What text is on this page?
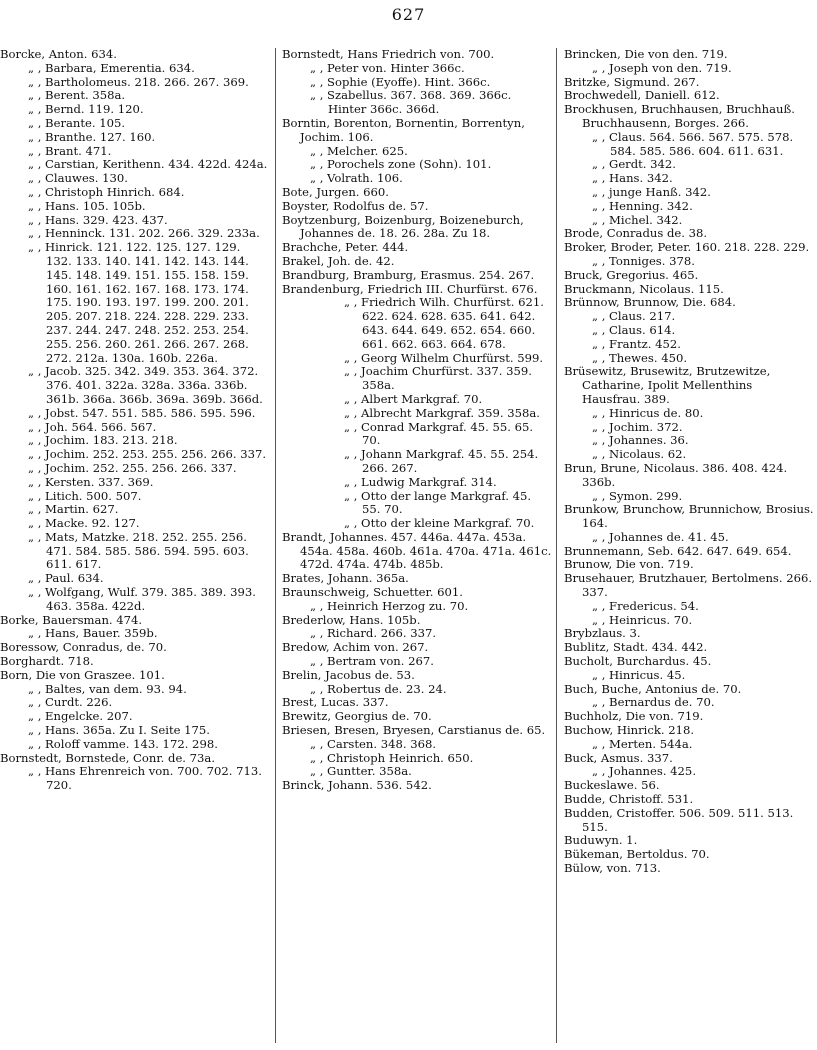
627

Borcke, Anton. 634.

„ , Barbara, Emerentia. 634.

„ , Bartholomeus. 218. 266. 267. 369.

„ , Berent. 358a.

„ , Bernd. 119. 120.

„ , Berante. 105.

„ , Branthe. 127. 160.

„ , Brant. 471.

„ , Carstian, Kerithenn. 434. 422d. 424a.

„ , Clauwes. 130.

„ , Christoph Hinrich. 684.

„ , Hans. 105. 105b.

„ , Hans. 329. 423. 437.

„ , Henninck. 131. 202. 266. 329. 233a.

„ , Hinrick. 121. 122. 125. 127. 129. 132. 133. 140. 141. 142. 143. 144. 145. 148. 149. 151. 155. 158. 159. 160. 161. 162. 167. 168. 173. 174. 175. 190. 193. 197. 199. 200. 201. 205. 207. 218. 224. 228. 229. 233. 237. 244. 247. 248. 252. 253. 254. 255. 256. 260. 261. 266. 267. 268. 272. 212a. 130a. 160b. 226a.

„ , Jacob. 325. 342. 349. 353. 364. 372. 376. 401. 322a. 328a. 336a. 336b. 361b. 366a. 366b. 369a. 369b. 366d.

„ , Jobst. 547. 551. 585. 586. 595. 596.

„ , Joh. 564. 566. 567.

„ , Jochim. 183. 213. 218.

„ , Jochim. 252. 253. 255. 256. 266. 337.

„ , Jochim. 252. 255. 256. 266. 337.

„ , Kersten. 337. 369.

„ , Litich. 500. 507.

„ , Martin. 627.

„ , Macke. 92. 127.

„ , Mats, Matzke. 218. 252. 255. 256. 471. 584. 585. 586. 594. 595. 603. 611. 617.

„ , Paul. 634.

„ , Wolfgang, Wulf. 379. 385. 389. 393. 463. 358a. 422d.

Borke, Bauersman. 474.

„ , Hans, Bauer. 359b.

Boressow, Conradus, de. 70.

Borghardt. 718.

Born, Die von Graszee. 101.

„ , Baltes, van dem. 93. 94.

„ , Curdt. 226.

„ , Engelcke. 207.

„ , Hans. 365a. Zu I. Seite 175.

„ , Roloff vamme. 143. 172. 298.

Bornstedt, Bornstede, Conr. de. 73a.

„ , Hans Ehrenreich von. 700. 702. 713. 720.

Bornstedt, Hans Friedrich von. 700.

„ , Peter von. Hinter 366c.

„ , Sophie (Eyoffe). Hint. 366c.

„ , Szabellus. 367. 368. 369. 366c. Hinter 366c. 366d.

Borntin, Borenton, Bornentin, Borrentyn, Jochim. 106.

„ , Melcher. 625.

„ , Porochels zone (Sohn). 101.

„ , Volrath. 106.

Bote, Jurgen. 660.

Boyster, Rodolfus de. 57.

Boytzenburg, Boizenburg, Boizeneburch, Johannes de. 18. 26. 28a. Zu 18.

Brachche, Peter. 444.

Brakel, Joh. de. 42.

Brandburg, Bramburg, Erasmus. 254. 267.

Brandenburg, Friedrich III. Churfürst. 676.

„ , Friedrich Wilh. Churfürst. 621. 622. 624. 628. 635. 641. 642. 643. 644. 649. 652. 654. 660. 661. 662. 663. 664. 678.

„ , Georg Wilhelm Churfürst. 599.

„ , Joachim Churfürst. 337. 359. 358a.

„ , Albert Markgraf. 70.

„ , Albrecht Markgraf. 359. 358a.

„ , Conrad Markgraf. 45. 55. 65. 70.

„ , Johann Markgraf. 45. 55. 254. 266. 267.

„ , Ludwig Markgraf. 314.

„ , Otto der lange Markgraf. 45. 55. 70.

„ , Otto der kleine Markgraf. 70.

Brandt, Johannes. 457. 446a. 447a. 453a. 454a. 458a. 460b. 461a. 470a. 471a. 461c. 472d. 474a. 474b. 485b.

Brates, Johann. 365a.

Braunschweig, Schuetter. 601.

„ , Heinrich Herzog zu. 70.

Brederlow, Hans. 105b.

„ , Richard. 266. 337.

Bredow, Achim von. 267.

„ , Bertram von. 267.

Brelin, Jacobus de. 53.

„ , Robertus de. 23. 24.

Brest, Lucas. 337.

Brewitz, Georgius de. 70.

Briesen, Bresen, Bryesen, Carstianus de. 65.

„ , Carsten. 348. 368.

„ , Christoph Heinrich. 650.

„ , Guntter. 358a.

Brinck, Johann. 536. 542.

Brincken, Die von den. 719.

„ , Joseph von den. 719.

Britzke, Sigmund. 267.

Brochwedell, Daniell. 612.

Brockhusen, Bruchhausen, Bruchhauß. Bruchhausenn, Borges. 266.

„ , Claus. 564. 566. 567. 575. 578. 584. 585. 586. 604. 611. 631.

„ , Gerdt. 342.

„ , Hans. 342.

„ , junge Hanß. 342.

„ , Henning. 342.

„ , Michel. 342.

Brode, Conradus de. 38.

Broker, Broder, Peter. 160. 218. 228. 229.

„ , Tonniges. 378.

Bruck, Gregorius. 465.

Bruckmann, Nicolaus. 115.

Brünnow, Brunnow, Die. 684.

„ , Claus. 217.

„ , Claus. 614.

„ , Frantz. 452.

„ , Thewes. 450.

Brüsewitz, Brusewitz, Brutzewitze, Catharine, Ipolit Mellenthins Hausfrau. 389.

„ , Hinricus de. 80.

„ , Jochim. 372.

„ , Johannes. 36.

„ , Nicolaus. 62.

Brun, Brune, Nicolaus. 386. 408. 424. 336b.

„ , Symon. 299.

Brunkow, Brunchow, Brunnichow, Brosius. 164.

„ , Johannes de. 41. 45.

Brunnemann, Seb. 642. 647. 649. 654.

Brunow, Die von. 719.

Brusehauer, Brutzhauer, Bertolmens. 266. 337.

„ , Fredericus. 54.

„ , Heinricus. 70.

Brybzlaus. 3.

Bublitz, Stadt. 434. 442.

Bucholt, Burchardus. 45.

„ , Hinricus. 45.

Buch, Buche, Antonius de. 70.

„ , Bernardus de. 70.

Buchholz, Die von. 719.

Buchow, Hinrick. 218.

„ , Merten. 544a.

Buck, Asmus. 337.

„ , Johannes. 425.

Buckeslawe. 56.

Budde, Christoff. 531.

Budden, Cristoffer. 506. 509. 511. 513. 515.

Buduwyn. 1.

Bükeman, Bertoldus. 70.

Bülow, von. 713.
